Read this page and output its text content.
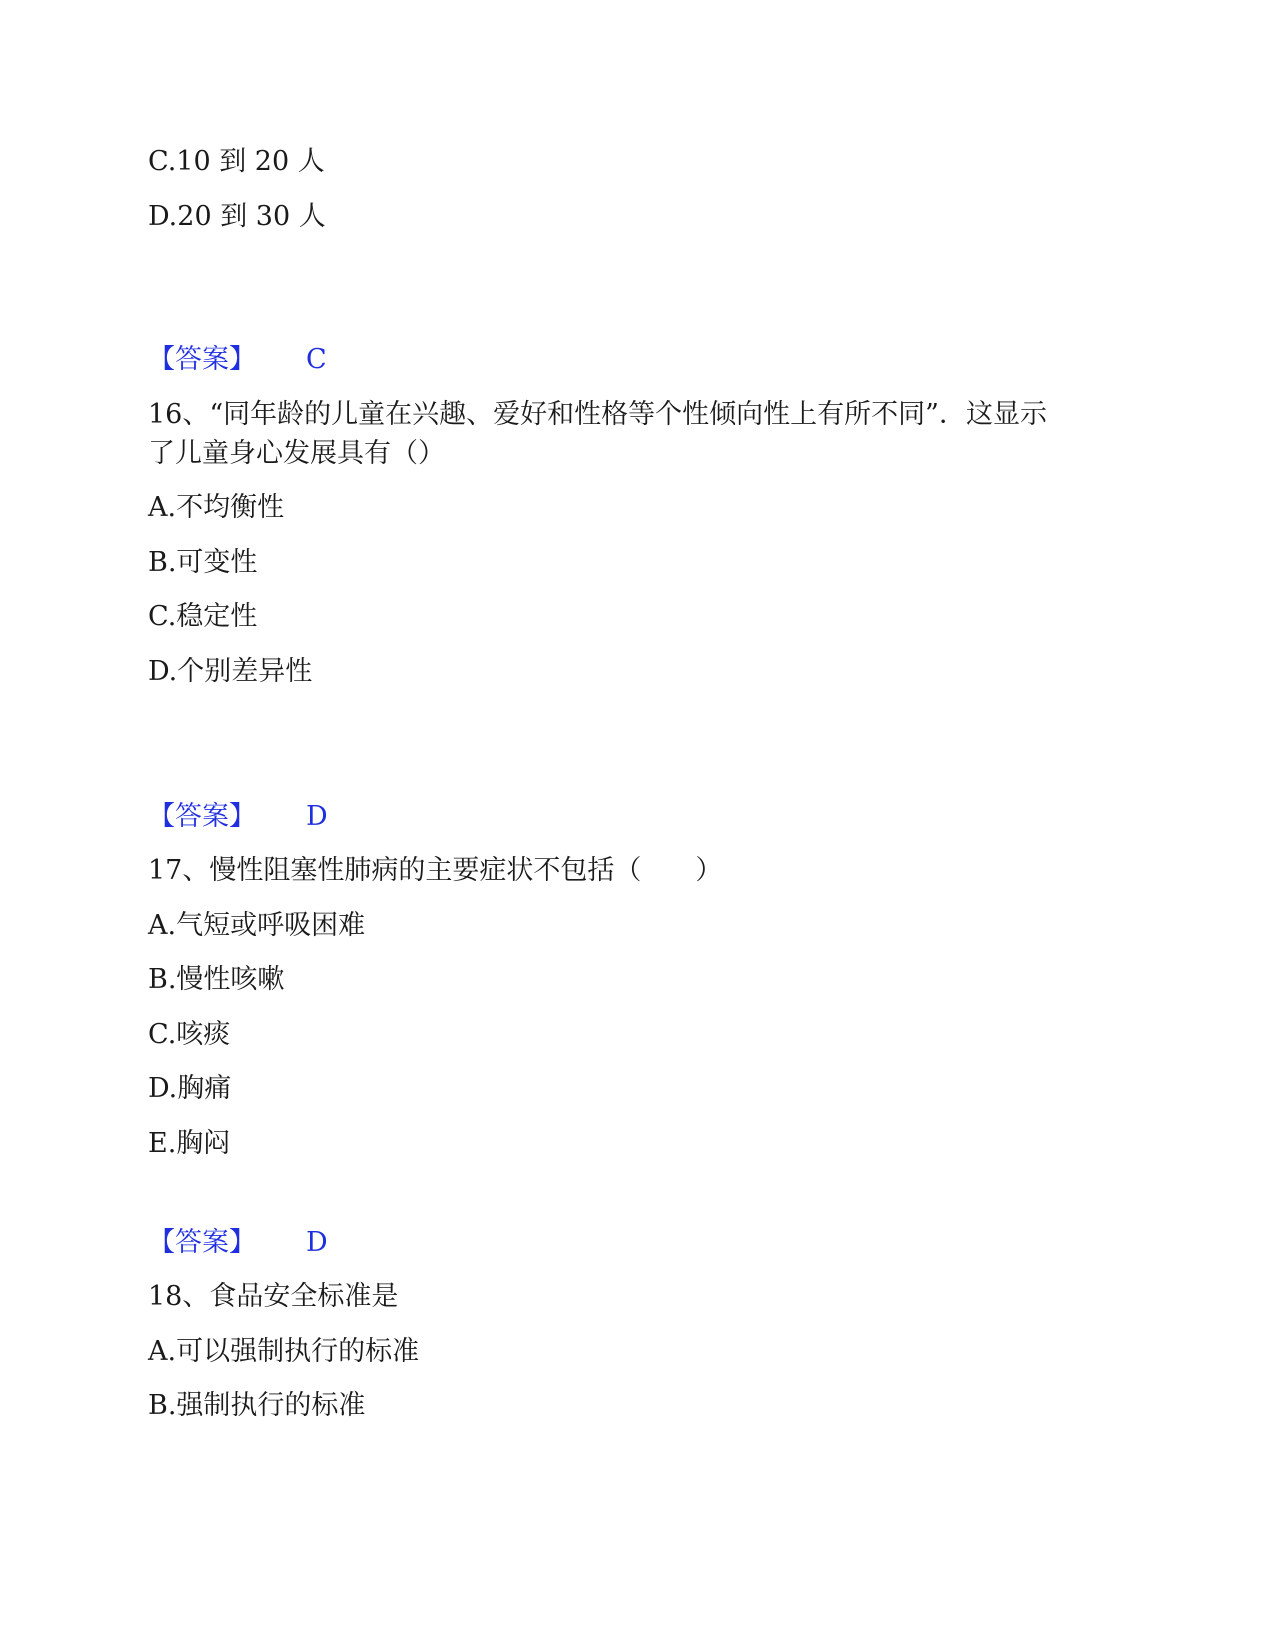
C.10 到 20 人
D.20 到 30 人
【答案】 C
16、“同年龄的儿童在兴趣、爱好和性格等个性倾向性上有所不同”．这显示
了儿童身心发展具有（）
A.不均衡性
B.可变性
C.稳定性
D.个别差异性
【答案】 D
17、慢性阻塞性肺病的主要症状不包括（　　）
A.气短或呼吸困难
B.慢性咳嗽
C.咳痰
D.胸痛
E.胸闷
【答案】 D
18、食品安全标准是
A.可以强制执行的标准
B.强制执行的标准
